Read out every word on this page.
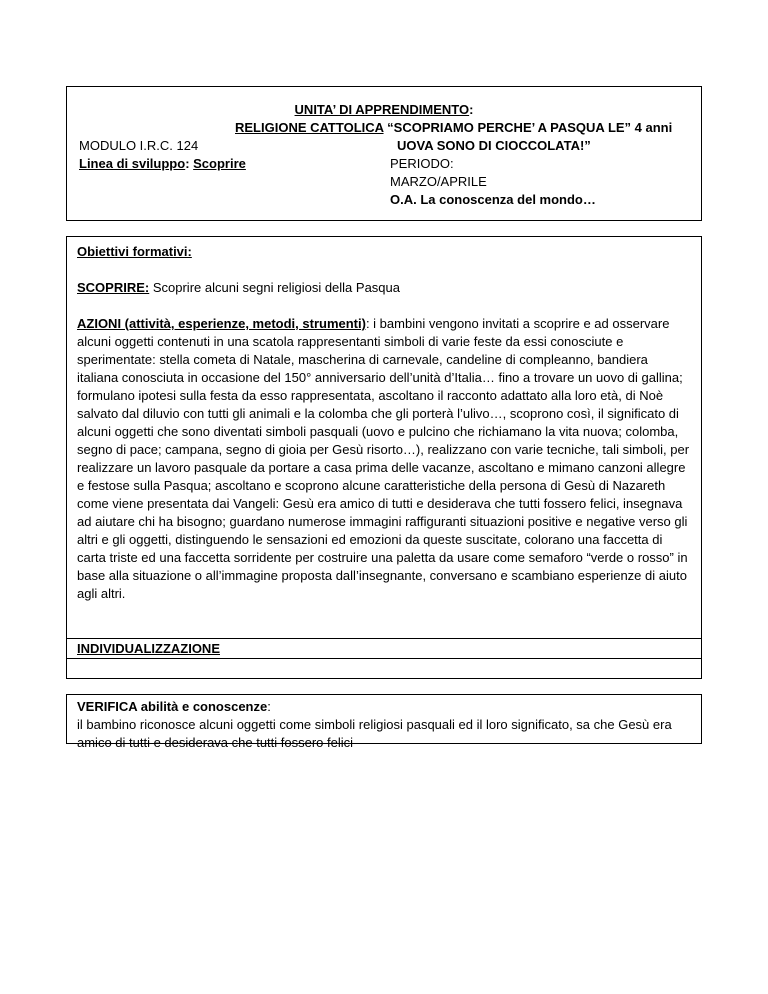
UNITA’ DI APPRENDIMENTO:
RELIGIONE CATTOLICA “SCOPRIAMO PERCHE’ A PASQUA LE” 4 anni
UOVA SONO DI CIOCCOLATA!”
MODULO I.R.C. 124
Linea di sviluppo: Scoprire	PERIODO:
MARZO/APRILE
O.A. La conoscenza del mondo…

Obiettivi formativi:

SCOPRIRE: Scoprire alcuni segni religiosi della Pasqua

AZIONI (attività, esperienze, metodi, strumenti): i bambini vengono invitati a scoprire e ad osservare alcuni oggetti contenuti in una scatola rappresentanti simboli di varie feste da essi conosciute e sperimentate: stella cometa di Natale, mascherina di carnevale, candeline di compleanno, bandiera italiana conosciuta in occasione del 150° anniversario dell’unità d’Italia… fino a trovare un uovo di gallina; formulano ipotesi sulla festa da esso rappresentata, ascoltano il racconto adattato alla loro età, di Noè salvato dal diluvio con tutti gli animali e la colomba che gli porterà l’ulivo…, scoprono così, il significato di alcuni oggetti che sono diventati simboli pasquali (uovo e pulcino che richiamano la vita nuova; colomba, segno di pace; campana, segno di gioia per Gesù risorto…), realizzano con varie tecniche, tali simboli, per realizzare un lavoro pasquale da portare a casa prima delle vacanze, ascoltano e mimano canzoni allegre e festose sulla Pasqua; ascoltano e scoprono alcune caratteristiche della persona di Gesù di Nazareth come viene presentata dai Vangeli: Gesù era amico di tutti e desiderava che tutti fossero felici, insegnava ad aiutare chi ha bisogno; guardano numerose immagini raffiguranti situazioni positive e negative verso gli altri e gli oggetti, distinguendo le sensazioni ed emozioni da queste suscitate, colorano una faccetta di carta triste ed una faccetta sorridente per costruire una paletta da usare come semaforo “verde o rosso” in base alla situazione o all’immagine proposta dall’insegnante, conversano e scambiano esperienze di aiuto agli altri.

INDIVIDUALIZZAZIONE
VERIFICA abilità e conoscenze:
il bambino riconosce alcuni oggetti come simboli religiosi pasquali ed il loro significato, sa che Gesù era amico di tutti e desiderava che tutti fossero felici
